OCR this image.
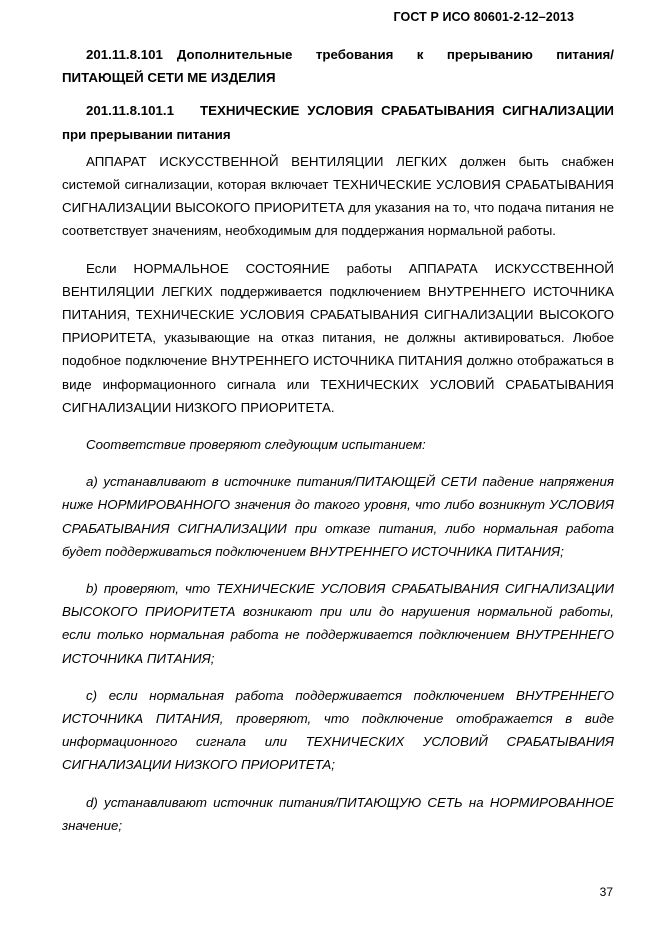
ГОСТ Р ИСО 80601-2-12–2013

201.11.8.101 Дополнительные требования к прерыванию питания/ПИТАЮЩЕЙ СЕТИ МЕ ИЗДЕЛИЯ

201.11.8.101.1 ТЕХНИЧЕСКИЕ УСЛОВИЯ СРАБАТЫВАНИЯ СИГНАЛИЗАЦИИ при прерывании питания

АППАРАТ ИСКУССТВЕННОЙ ВЕНТИЛЯЦИИ ЛЕГКИХ должен быть снабжен системой сигнализации, которая включает ТЕХНИЧЕСКИЕ УСЛОВИЯ СРАБАТЫВАНИЯ СИГНАЛИЗАЦИИ ВЫСОКОГО ПРИОРИТЕТА для указания на то, что подача питания не соответствует значениям, необходимым для поддержания нормальной работы.

Если НОРМАЛЬНОЕ СОСТОЯНИЕ работы АППАРАТА ИСКУССТВЕННОЙ ВЕНТИЛЯЦИИ ЛЕГКИХ поддерживается подключением ВНУТРЕННЕГО ИСТОЧНИКА ПИТАНИЯ, ТЕХНИЧЕСКИЕ УСЛОВИЯ СРАБАТЫВАНИЯ СИГНАЛИЗАЦИИ ВЫСОКОГО ПРИОРИТЕТА, указывающие на отказ питания, не должны активироваться. Любое подобное подключение ВНУТРЕННЕГО ИСТОЧНИКА ПИТАНИЯ должно отображаться в виде информационного сигнала или ТЕХНИЧЕСКИХ УСЛОВИЙ СРАБАТЫВАНИЯ СИГНАЛИЗАЦИИ НИЗКОГО ПРИОРИТЕТА.

Соответствие проверяют следующим испытанием:

a) устанавливают в источнике питания/ПИТАЮЩЕЙ СЕТИ падение напряжения ниже НОРМИРОВАННОГО значения до такого уровня, что либо возникнут УСЛОВИЯ СРАБАТЫВАНИЯ СИГНАЛИЗАЦИИ при отказе питания, либо нормальная работа будет поддерживаться подключением ВНУТРЕННЕГО ИСТОЧНИКА ПИТАНИЯ;

b) проверяют, что ТЕХНИЧЕСКИЕ УСЛОВИЯ СРАБАТЫВАНИЯ СИГНАЛИЗАЦИИ ВЫСОКОГО ПРИОРИТЕТА возникают при или до нарушения нормальной работы, если только нормальная работа не поддерживается подключением ВНУТРЕННЕГО ИСТОЧНИКА ПИТАНИЯ;

c) если нормальная работа поддерживается подключением ВНУТРЕННЕГО ИСТОЧНИКА ПИТАНИЯ, проверяют, что подключение отображается в виде информационного сигнала или ТЕХНИЧЕСКИХ УСЛОВИЙ СРАБАТЫВАНИЯ СИГНАЛИЗАЦИИ НИЗКОГО ПРИОРИТЕТА;

d) устанавливают источник питания/ПИТАЮЩУЮ СЕТЬ на НОРМИРОВАННОЕ значение;

37
